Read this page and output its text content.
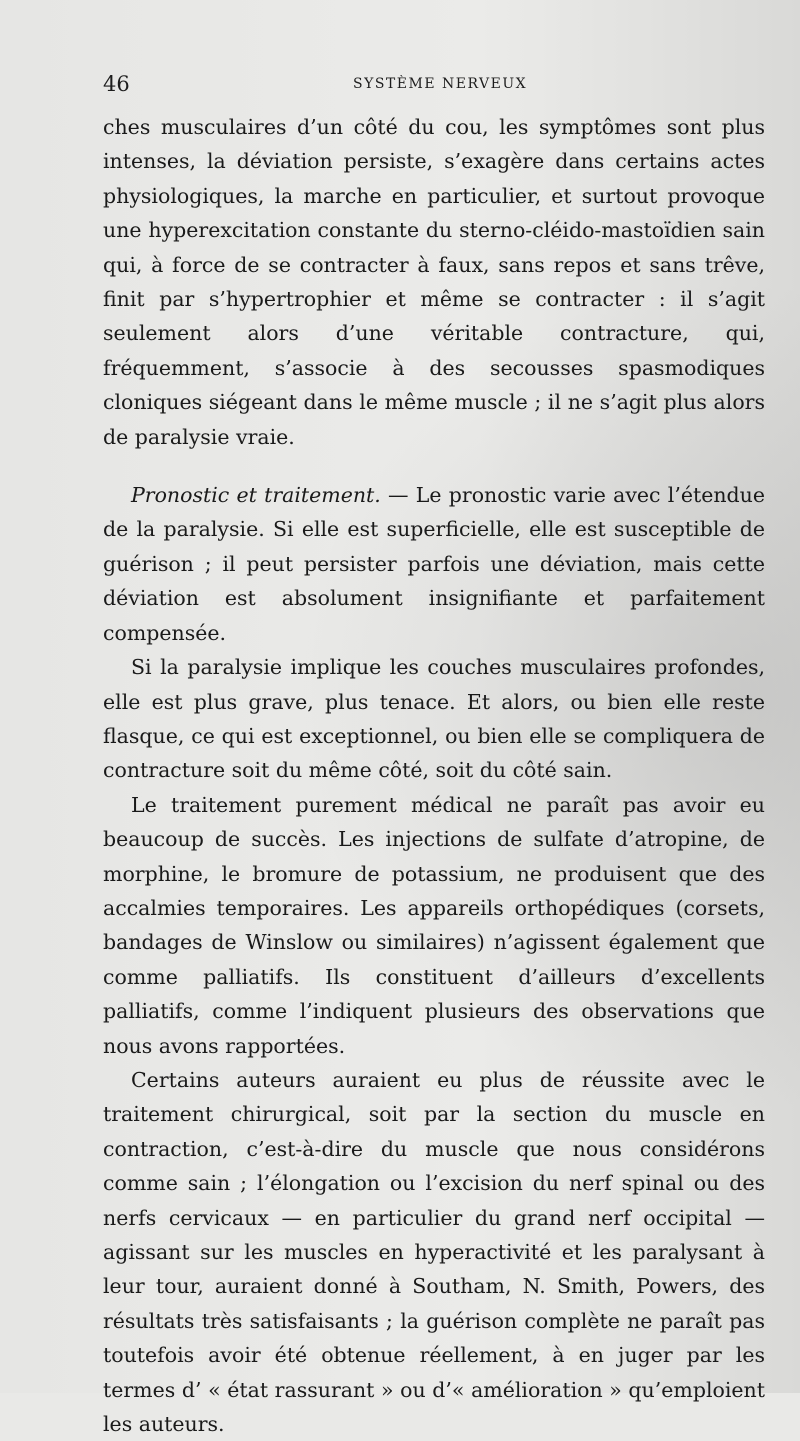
46	SYSTÈME NERVEUX

ches musculaires d’un côté du cou, les symptômes sont plus intenses, la déviation persiste, s’exagère dans certains actes physiologiques, la marche en particulier, et surtout provoque une hyperexcitation constante du sterno-cléido-mastoïdien sain qui, à force de se contracter à faux, sans repos et sans trêve, finit par s’hypertrophier et même se contracter : il s’agit seulement alors d’une véritable contracture, qui, fréquemment, s’associe à des secousses spasmodiques cloniques siégeant dans le même muscle ; il ne s’agit plus alors de paralysie vraie.

Pronostic et traitement. — Le pronostic varie avec l’étendue de la paralysie. Si elle est superficielle, elle est susceptible de guérison ; il peut persister parfois une déviation, mais cette déviation est absolument insignifiante et parfaitement compensée.

Si la paralysie implique les couches musculaires profondes, elle est plus grave, plus tenace. Et alors, ou bien elle reste flasque, ce qui est exceptionnel, ou bien elle se compliquera de contracture soit du même côté, soit du côté sain.

Le traitement purement médical ne paraît pas avoir eu beaucoup de succès. Les injections de sulfate d’atropine, de morphine, le bromure de potassium, ne produisent que des accalmies temporaires. Les appareils orthopédiques (corsets, bandages de Winslow ou similaires) n’agissent également que comme palliatifs. Ils constituent d’ailleurs d’excellents palliatifs, comme l’indiquent plusieurs des observations que nous avons rapportées.

Certains auteurs auraient eu plus de réussite avec le traitement chirurgical, soit par la section du muscle en contraction, c’est-à-dire du muscle que nous considérons comme sain ; l’élongation ou l’excision du nerf spinal ou des nerfs cervicaux — en particulier du grand nerf occipital — agissant sur les muscles en hyperactivité et les paralysant à leur tour, auraient donné à Southam, N. Smith, Powers, des résultats très satisfaisants ; la guérison complète ne paraît pas toutefois avoir été obtenue réellement, à en juger par les termes d’ « état rassurant » ou d’« amélioration » qu’emploient les auteurs.
